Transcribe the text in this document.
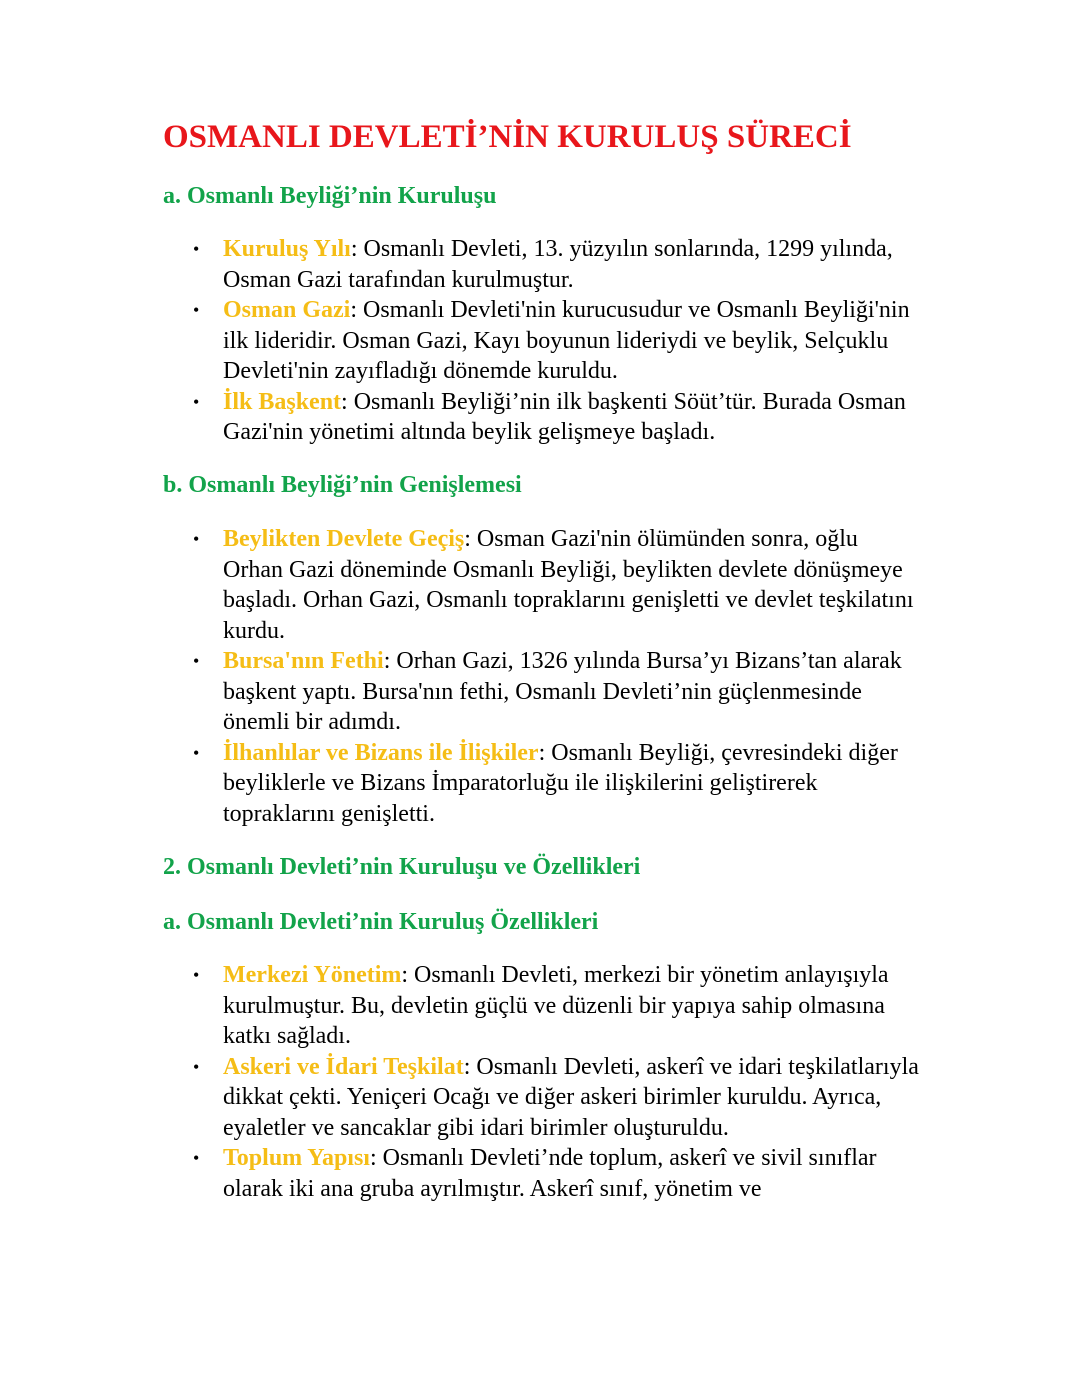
OSMANLI DEVLETİ’NİN KURULUŞ SÜRECİ
a. Osmanlı Beyliği’nin Kuruluşu
• Kuruluş Yılı: Osmanlı Devleti, 13. yüzyılın sonlarında, 1299 yılında, Osman Gazi tarafından kurulmuştur.
• Osman Gazi: Osmanlı Devleti'nin kurucusudur ve Osmanlı Beyliği'nin ilk lideridir. Osman Gazi, Kayı boyunun lideriydi ve beylik, Selçuklu Devleti'nin zayıfladığı dönemde kuruldu.
• İlk Başkent: Osmanlı Beyliği’nin ilk başkenti Söüt’tür. Burada Osman Gazi'nin yönetimi altında beylik gelişmeye başladı.
b. Osmanlı Beyliği’nin Genişlemesi
• Beylikten Devlete Geçiş: Osman Gazi'nin ölümünden sonra, oğlu Orhan Gazi döneminde Osmanlı Beyliği, beylikten devlete dönüşmeye başladı. Orhan Gazi, Osmanlı topraklarını genişletti ve devlet teşkilatını kurdu.
• Bursa'nın Fethi: Orhan Gazi, 1326 yılında Bursa’yı Bizans’tan alarak başkent yaptı. Bursa'nın fethi, Osmanlı Devleti’nin güçlenmesinde önemli bir adımdı.
• İlhanlılar ve Bizans ile İlişkiler: Osmanlı Beyliği, çevresindeki diğer beyliklerle ve Bizans İmparatorluğu ile ilişkilerini geliştirerek topraklarını genişletti.
2. Osmanlı Devleti’nin Kuruluşu ve Özellikleri
a. Osmanlı Devleti’nin Kuruluş Özellikleri
• Merkezi Yönetim: Osmanlı Devleti, merkezi bir yönetim anlayışıyla kurulmuştur. Bu, devletin güçlü ve düzenli bir yapıya sahip olmasına katkı sağladı.
• Askeri ve İdari Teşkilat: Osmanlı Devleti, askerî ve idari teşkilatlarıyla dikkat çekti. Yeniçeri Ocağı ve diğer askeri birimler kuruldu. Ayrıca, eyaletler ve sancaklar gibi idari birimler oluşturuldu.
• Toplum Yapısı: Osmanlı Devleti’nde toplum, askerî ve sivil sınıflar olarak iki ana gruba ayrılmıştır. Askerî sınıf, yönetim ve
